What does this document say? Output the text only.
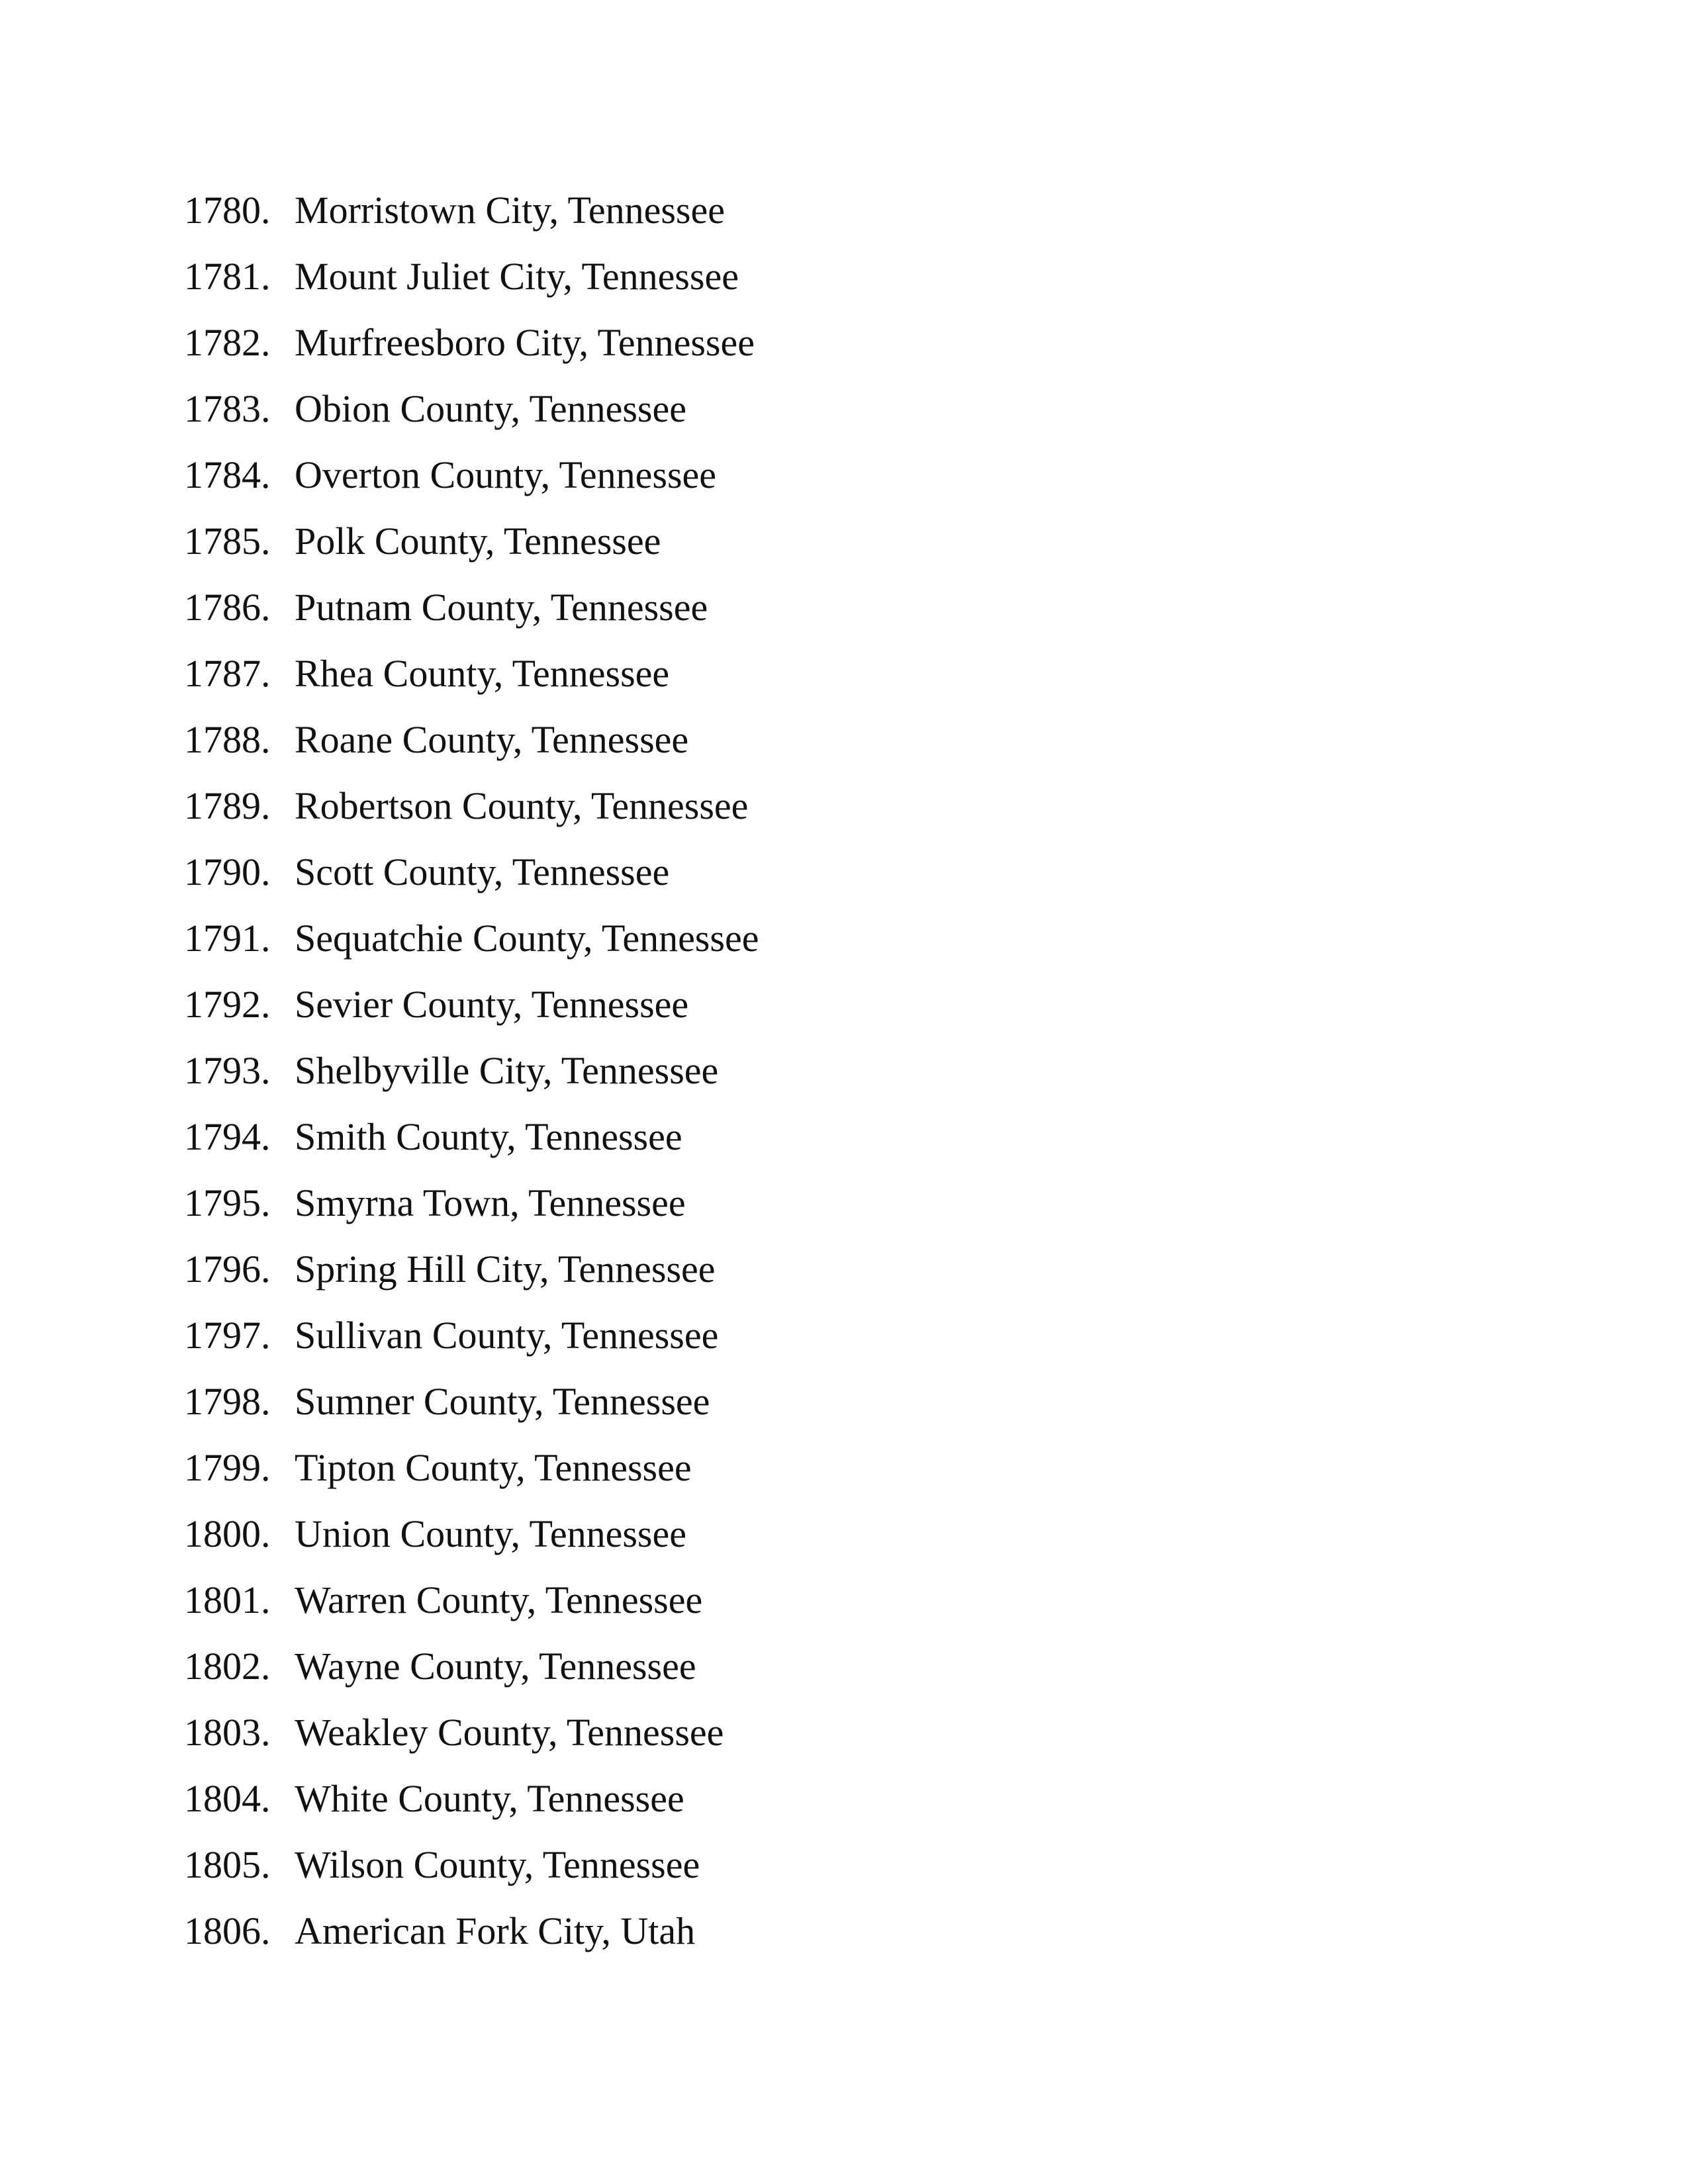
1780. Morristown City, Tennessee
1781. Mount Juliet City, Tennessee
1782. Murfreesboro City, Tennessee
1783. Obion County, Tennessee
1784. Overton County, Tennessee
1785. Polk County, Tennessee
1786. Putnam County, Tennessee
1787. Rhea County, Tennessee
1788. Roane County, Tennessee
1789. Robertson County, Tennessee
1790. Scott County, Tennessee
1791. Sequatchie County, Tennessee
1792. Sevier County, Tennessee
1793. Shelbyville City, Tennessee
1794. Smith County, Tennessee
1795. Smyrna Town, Tennessee
1796. Spring Hill City, Tennessee
1797. Sullivan County, Tennessee
1798. Sumner County, Tennessee
1799. Tipton County, Tennessee
1800. Union County, Tennessee
1801. Warren County, Tennessee
1802. Wayne County, Tennessee
1803. Weakley County, Tennessee
1804. White County, Tennessee
1805. Wilson County, Tennessee
1806. American Fork City, Utah
